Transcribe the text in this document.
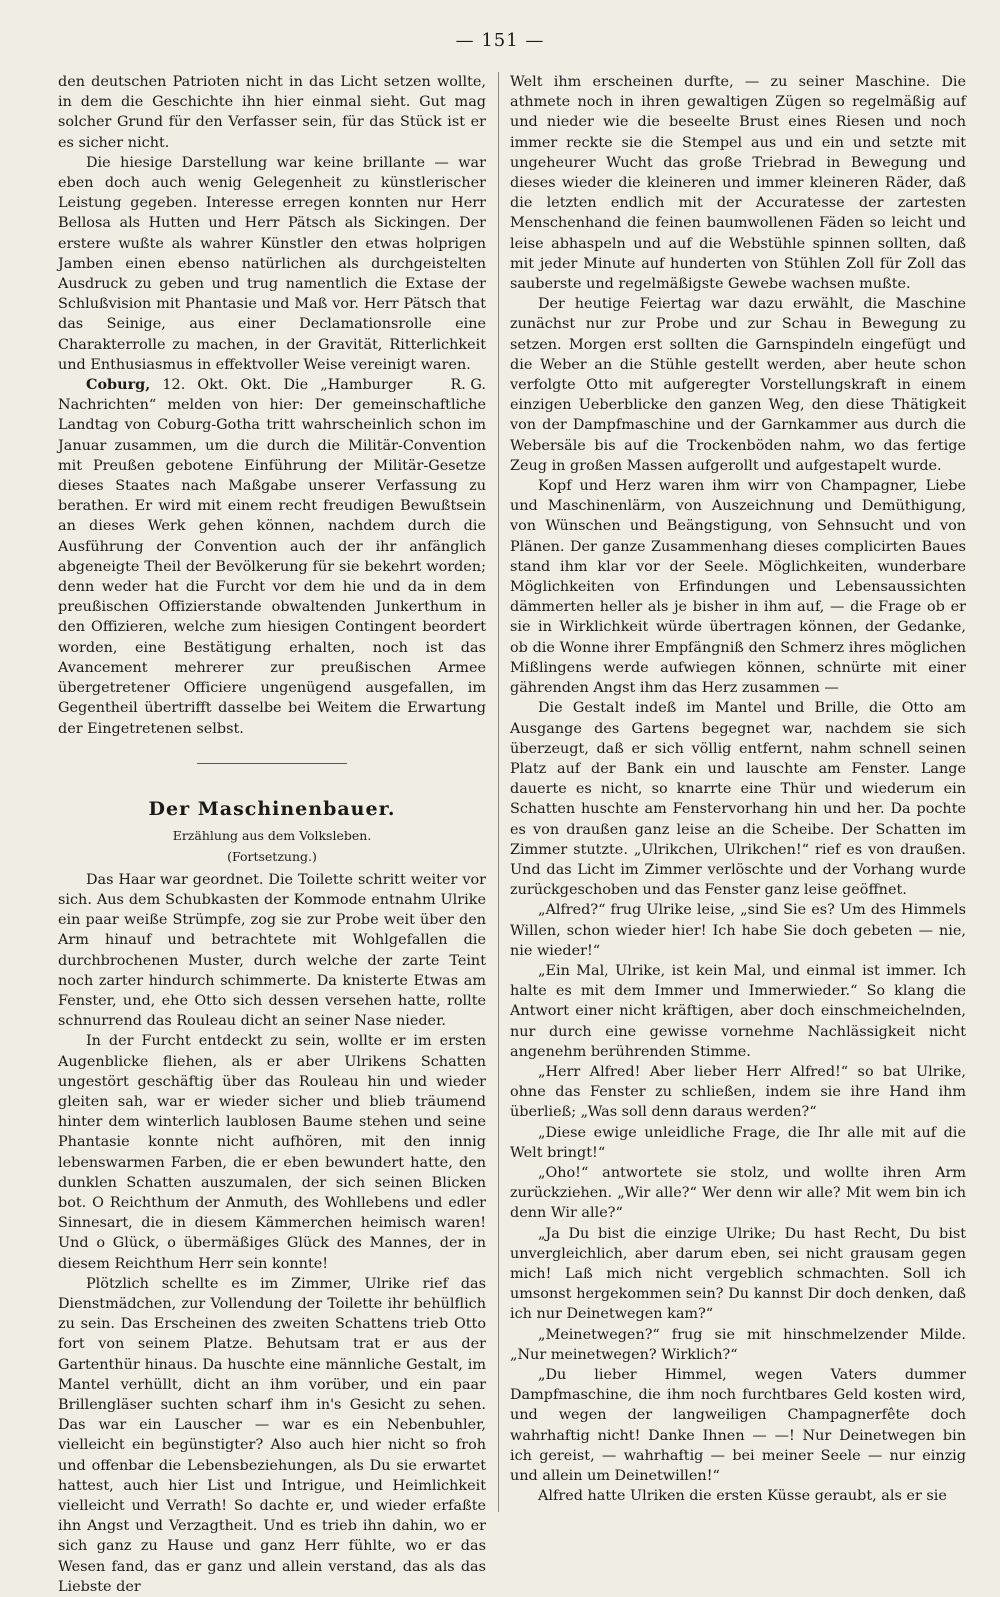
— 151 —

den deutschen Patrioten nicht in das Licht setzen wollte, in dem die Geschichte ihn hier einmal sieht. Gut mag solcher Grund für den Verfasser sein, für das Stück ist er es sicher nicht.

Die hiesige Darstellung war keine brillante — war eben doch auch wenig Gelegenheit zu künstlerischer Leistung gegeben. Interesse erregen konnten nur Herr Bellosa als Hutten und Herr Pätsch als Sickingen. Der erstere wußte als wahrer Künstler den etwas holprigen Jamben einen ebenso natürlichen als durchgeistelten Ausdruck zu geben und trug namentlich die Extase der Schlußvision mit Phantasie und Maß vor. Herr Pätsch that das Seinige, aus einer Declamationsrolle eine Charakterrolle zu machen, in der Gravität, Ritterlichkeit und Enthusiasmus in effektvoller Weise vereinigt waren.
R. G.

Coburg, 12. Okt. Okt. Die „Hamburger Nachrichten“ melden von hier: Der gemeinschaftliche Landtag von Coburg-Gotha tritt wahrscheinlich schon im Januar zusammen, um die durch die Militär-Convention mit Preußen gebotene Einführung der Militär-Gesetze dieses Staates nach Maßgabe unserer Verfassung zu berathen. Er wird mit einem recht freudigen Bewußtsein an dieses Werk gehen können, nachdem durch die Ausführung der Convention auch der ihr anfänglich abgeneigte Theil der Bevölkerung für sie bekehrt worden; denn weder hat die Furcht vor dem hie und da in dem preußischen Offizierstande obwaltenden Junkerthum in den Offizieren, welche zum hiesigen Contingent beordert worden, eine Bestätigung erhalten, noch ist das Avancement mehrerer zur preußischen Armee übergetretener Officiere ungenügend ausgefallen, im Gegentheil übertrifft dasselbe bei Weitem die Erwartung der Eingetretenen selbst.

Der Maschinenbauer.
Erzählung aus dem Volksleben.
(Fortsetzung.)

Das Haar war geordnet. Die Toilette schritt weiter vor sich. Aus dem Schubkasten der Kommode entnahm Ulrike ein paar weiße Strümpfe, zog sie zur Probe weit über den Arm hinauf und betrachtete mit Wohlgefallen die durchbrochenen Muster, durch welche der zarte Teint noch zarter hindurch schimmerte. Da knisterte Etwas am Fenster, und, ehe Otto sich dessen versehen hatte, rollte schnurrend das Rouleau dicht an seiner Nase nieder.

In der Furcht entdeckt zu sein, wollte er im ersten Augenblicke fliehen, als er aber Ulrikens Schatten ungestört geschäftig über das Rouleau hin und wieder gleiten sah, war er wieder sicher und blieb träumend hinter dem winterlich laublosen Baume stehen und seine Phantasie konnte nicht aufhören, mit den innig lebenswarmen Farben, die er eben bewundert hatte, den dunklen Schatten auszumalen, der sich seinen Blicken bot. O Reichthum der Anmuth, des Wohllebens und edler Sinnesart, die in diesem Kämmerchen heimisch waren! Und o Glück, o übermäßiges Glück des Mannes, der in diesem Reichthum Herr sein konnte!

Plötzlich schellte es im Zimmer, Ulrike rief das Dienstmädchen, zur Vollendung der Toilette ihr behülflich zu sein. Das Erscheinen des zweiten Schattens trieb Otto fort von seinem Platze. Behutsam trat er aus der Gartenthür hinaus. Da huschte eine männliche Gestalt, im Mantel verhüllt, dicht an ihm vorüber, und ein paar Brillengläser suchten scharf ihm in's Gesicht zu sehen. Das war ein Lauscher — war es ein Nebenbuhler, vielleicht ein begünstigter? Also auch hier nicht so froh und offenbar die Lebensbeziehungen, als Du sie erwartet hattest, auch hier List und Intrigue, und Heimlichkeit vielleicht und Verrath! So dachte er, und wieder erfaßte ihn Angst und Verzagtheit. Und es trieb ihn dahin, wo er sich ganz zu Hause und ganz Herr fühlte, wo er das Wesen fand, das er ganz und allein verstand, das als das Liebste der

Welt ihm erscheinen durfte, — zu seiner Maschine. Die athmete noch in ihren gewaltigen Zügen so regelmäßig auf und nieder wie die beseelte Brust eines Riesen und noch immer reckte sie die Stempel aus und ein und setzte mit ungeheurer Wucht das große Triebrad in Bewegung und dieses wieder die kleineren und immer kleineren Räder, daß die letzten endlich mit der Accuratesse der zartesten Menschenhand die feinen baumwollenen Fäden so leicht und leise abhaspeln und auf die Webstühle spinnen sollten, daß mit jeder Minute auf hunderten von Stühlen Zoll für Zoll das sauberste und regelmäßigste Gewebe wachsen mußte.

Der heutige Feiertag war dazu erwählt, die Maschine zunächst nur zur Probe und zur Schau in Bewegung zu setzen. Morgen erst sollten die Garnspindeln eingefügt und die Weber an die Stühle gestellt werden, aber heute schon verfolgte Otto mit aufgeregter Vorstellungskraft in einem einzigen Ueberblicke den ganzen Weg, den diese Thätigkeit von der Dampfmaschine und der Garnkammer aus durch die Webersäle bis auf die Trockenböden nahm, wo das fertige Zeug in großen Massen aufgerollt und aufgestapelt wurde.

Kopf und Herz waren ihm wirr von Champagner, Liebe und Maschinenlärm, von Auszeichnung und Demüthigung, von Wünschen und Beängstigung, von Sehnsucht und von Plänen. Der ganze Zusammenhang dieses complicirten Baues stand ihm klar vor der Seele. Möglichkeiten, wunderbare Möglichkeiten von Erfindungen und Lebensaussichten dämmerten heller als je bisher in ihm auf, — die Frage ob er sie in Wirklichkeit würde übertragen können, der Gedanke, ob die Wonne ihrer Empfängniß den Schmerz ihres möglichen Mißlingens werde aufwiegen können, schnürte mit einer gährenden Angst ihm das Herz zusammen —

Die Gestalt indeß im Mantel und Brille, die Otto am Ausgange des Gartens begegnet war, nachdem sie sich überzeugt, daß er sich völlig entfernt, nahm schnell seinen Platz auf der Bank ein und lauschte am Fenster. Lange dauerte es nicht, so knarrte eine Thür und wiederum ein Schatten huschte am Fenstervorhang hin und her. Da pochte es von draußen ganz leise an die Scheibe. Der Schatten im Zimmer stutzte. „Ulrikchen, Ulrikchen!“ rief es von draußen. Und das Licht im Zimmer verlöschte und der Vorhang wurde zurückgeschoben und das Fenster ganz leise geöffnet.

„Alfred?“ frug Ulrike leise, „sind Sie es? Um des Himmels Willen, schon wieder hier! Ich habe Sie doch gebeten — nie, nie wieder!“

„Ein Mal, Ulrike, ist kein Mal, und einmal ist immer. Ich halte es mit dem Immer und Immerwieder.“ So klang die Antwort einer nicht kräftigen, aber doch einschmeichelnden, nur durch eine gewisse vornehme Nachlässigkeit nicht angenehm berührenden Stimme.

„Herr Alfred! Aber lieber Herr Alfred!“ so bat Ulrike, ohne das Fenster zu schließen, indem sie ihre Hand ihm überließ; „Was soll denn daraus werden?“

„Diese ewige unleidliche Frage, die Ihr alle mit auf die Welt bringt!“

„Oho!“ antwortete sie stolz, und wollte ihren Arm zurückziehen. „Wir alle?“ Wer denn wir alle? Mit wem bin ich denn Wir alle?“

„Ja Du bist die einzige Ulrike; Du hast Recht, Du bist unvergleichlich, aber darum eben, sei nicht grausam gegen mich! Laß mich nicht vergeblich schmachten. Soll ich umsonst hergekommen sein? Du kannst Dir doch denken, daß ich nur Deinetwegen kam?“

„Meinetwegen?“ frug sie mit hinschmelzender Milde. „Nur meinetwegen? Wirklich?“

„Du lieber Himmel, wegen Vaters dummer Dampfmaschine, die ihm noch furchtbares Geld kosten wird, und wegen der langweiligen Champagnerfête doch wahrhaftig nicht! Danke Ihnen — —! Nur Deinetwegen bin ich gereist, — wahrhaftig — bei meiner Seele — nur einzig und allein um Deinetwillen!“

Alfred hatte Ulriken die ersten Küsse geraubt, als er sie
